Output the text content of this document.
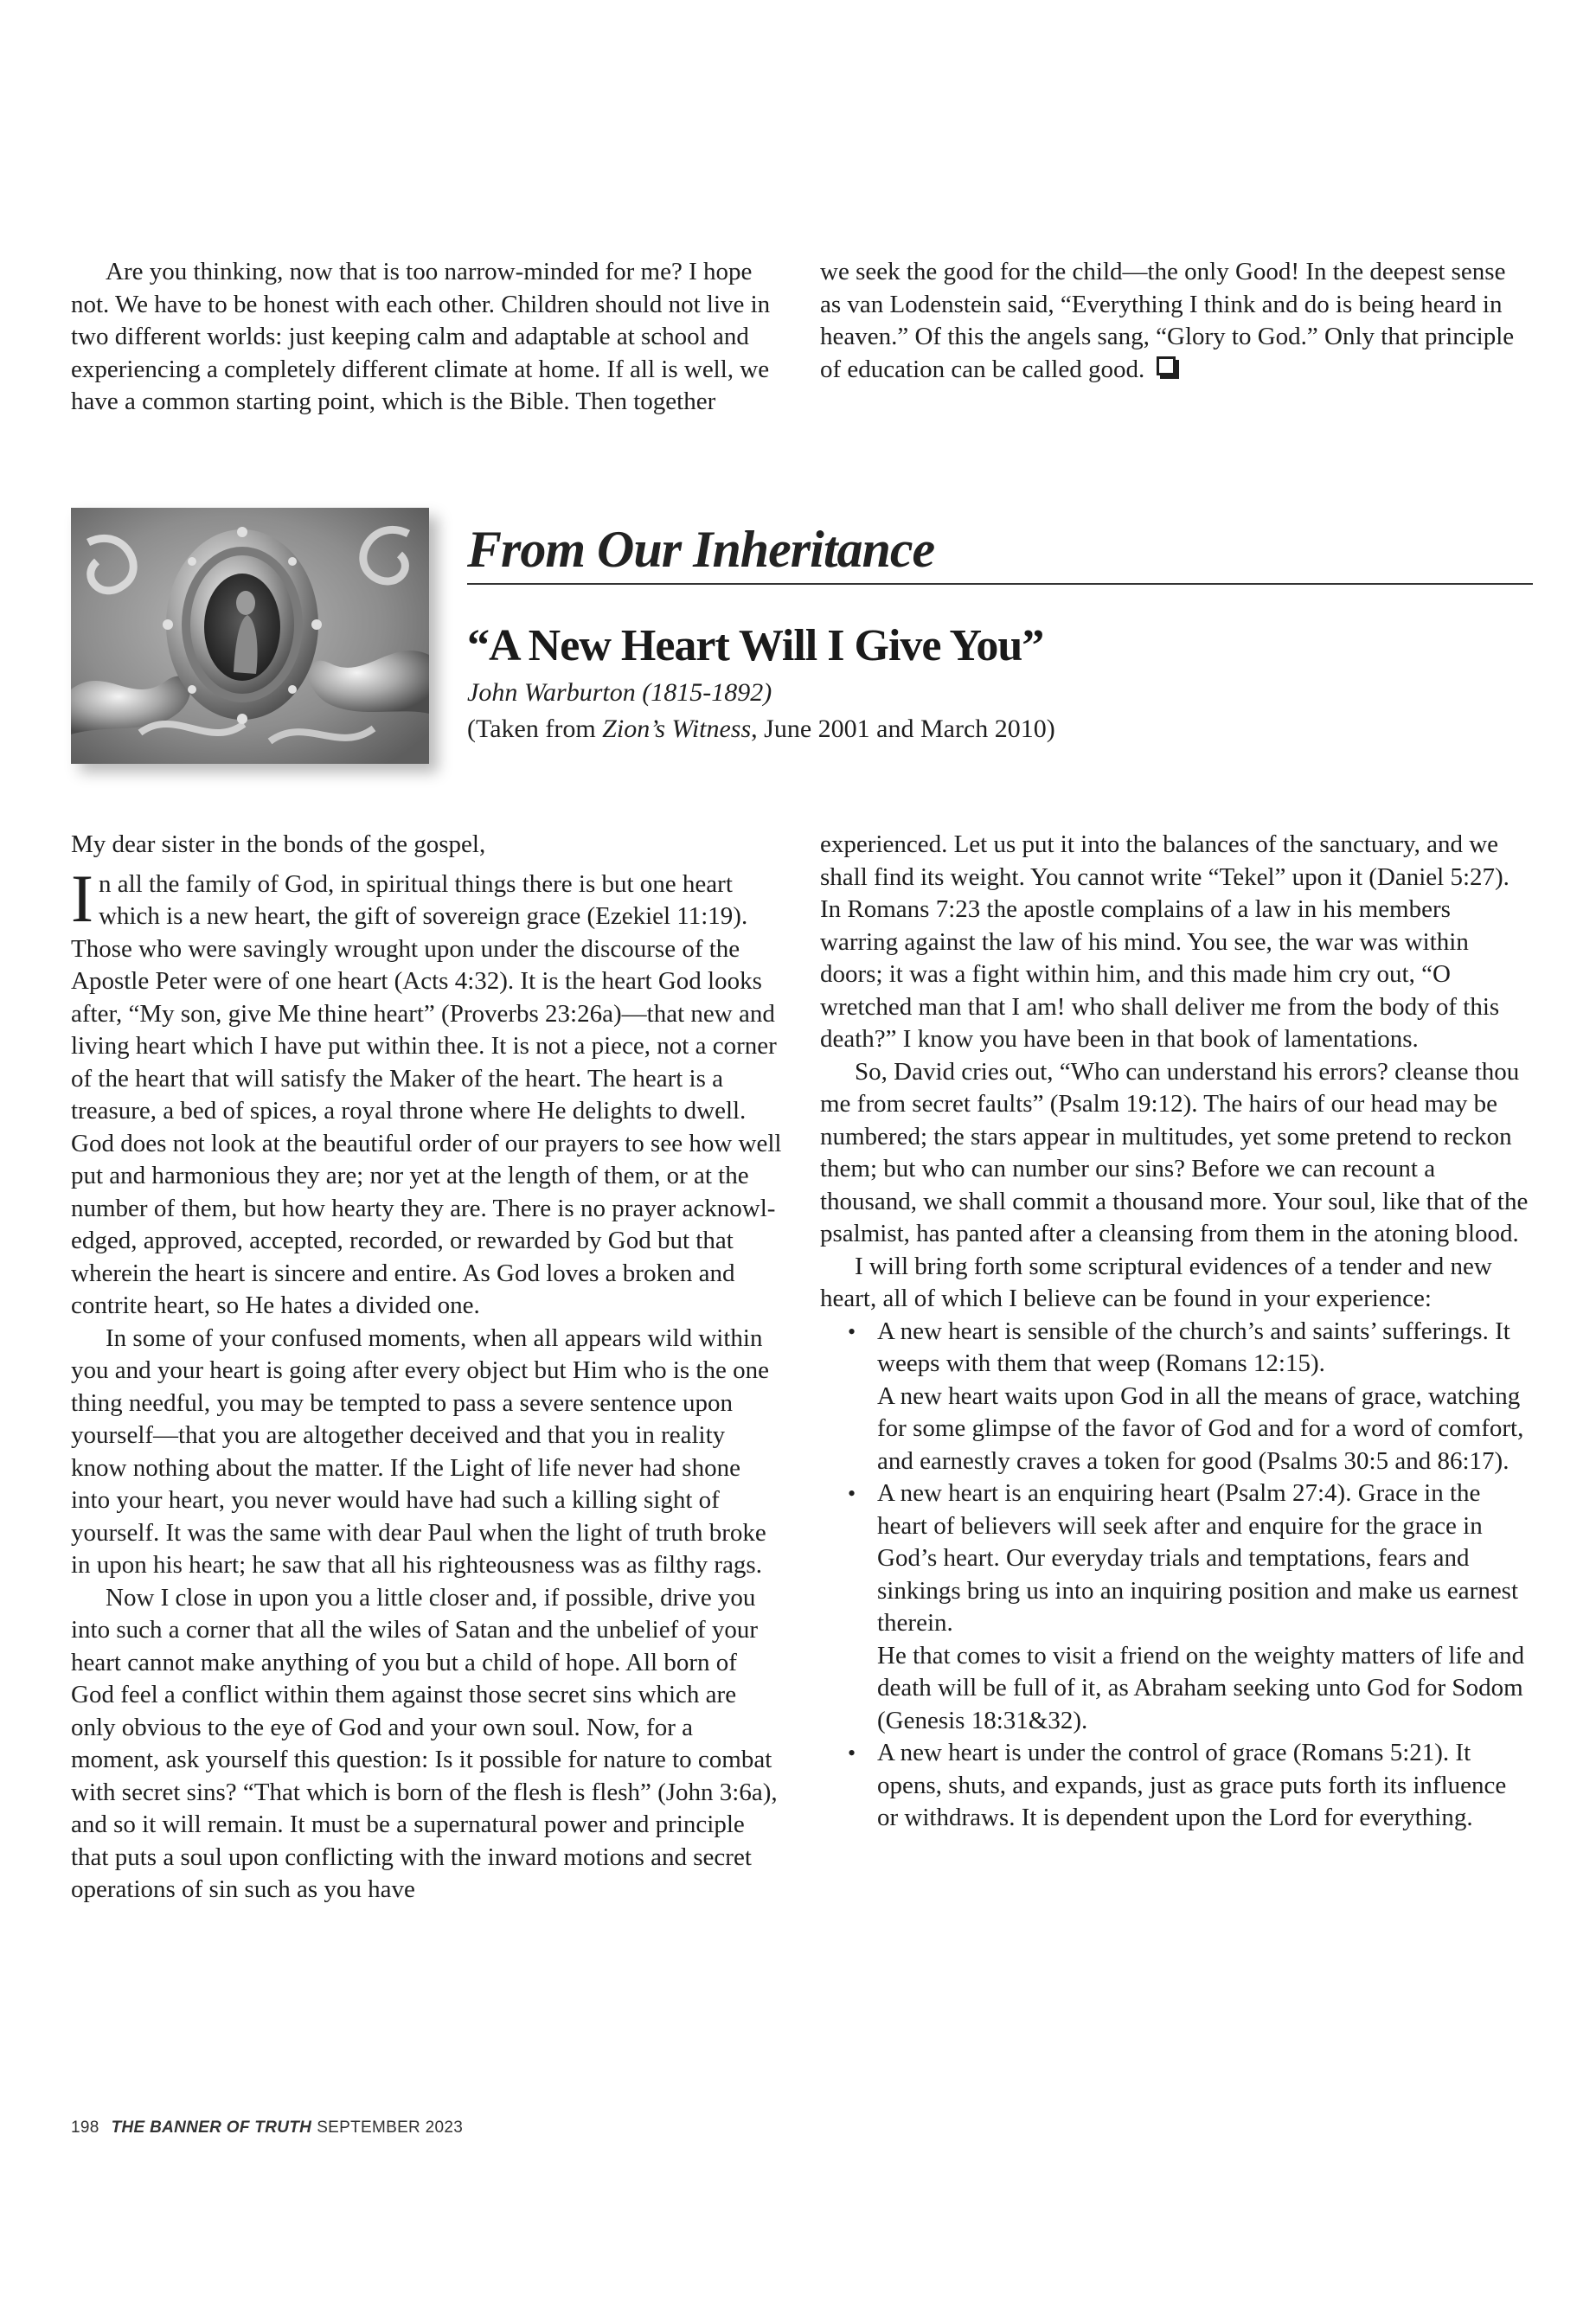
Are you thinking, now that is too narrow-minded for me? I hope not. We have to be honest with each other. Children should not live in two different worlds: just keeping calm and adaptable at school and experiencing a completely different climate at home. If all is well, we have a common starting point, which is the Bible. Then together

we seek the good for the child—the only Good! In the deepest sense as van Lodenstein said, “Everything I think and do is being heard in heaven.” Of this the angels sang, “Glory to God.” Only that principle of education can be called good.

From Our Inheritance
“A New Heart Will I Give You”

John Warburton (1815-1892)

(Taken from Zion’s Witness, June 2001 and March 2010)

My dear sister in the bonds of the gospel,

In all the family of God, in spiritual things there is but one heart which is a new heart, the gift of sovereign grace (Ezekiel 11:19). Those who were savingly wrought upon under the discourse of the Apostle Peter were of one heart (Acts 4:32). It is the heart God looks after, “My son, give Me thine heart” (Proverbs 23:26a)—that new and living heart which I have put within thee. It is not a piece, not a corner of the heart that will satisfy the Maker of the heart. The heart is a treasure, a bed of spices, a royal throne where He delights to dwell. God does not look at the beautiful order of our prayers to see how well put and harmonious they are; nor yet at the length of them, or at the number of them, but how hearty they are. There is no prayer acknowledged, approved, accepted, recorded, or rewarded by God but that wherein the heart is sincere and entire. As God loves a broken and contrite heart, so He hates a divided one.

In some of your confused moments, when all appears wild within you and your heart is going after every object but Him who is the one thing needful, you may be tempted to pass a severe sentence upon yourself—that you are altogether deceived and that you in reality know nothing about the matter. If the Light of life never had shone into your heart, you never would have had such a killing sight of yourself. It was the same with dear Paul when the light of truth broke in upon his heart; he saw that all his righteousness was as filthy rags.

Now I close in upon you a little closer and, if possible, drive you into such a corner that all the wiles of Satan and the unbelief of your heart cannot make anything of you but a child of hope. All born of God feel a conflict within them against those secret sins which are only obvious to the eye of God and your own soul. Now, for a moment, ask yourself this question: Is it possible for nature to combat with secret sins? “That which is born of the flesh is flesh” (John 3:6a), and so it will remain. It must be a supernatural power and principle that puts a soul upon conflicting with the inward motions and secret operations of sin such as you have

experienced. Let us put it into the balances of the sanctuary, and we shall find its weight. You cannot write “Tekel” upon it (Daniel 5:27). In Romans 7:23 the apostle complains of a law in his members warring against the law of his mind. You see, the war was within doors; it was a fight within him, and this made him cry out, “O wretched man that I am! who shall deliver me from the body of this death?” I know you have been in that book of lamentations.

So, David cries out, “Who can understand his errors? cleanse thou me from secret faults” (Psalm 19:12). The hairs of our head may be numbered; the stars appear in multitudes, yet some pretend to reckon them; but who can number our sins? Before we can recount a thousand, we shall commit a thousand more. Your soul, like that of the psalmist, has panted after a cleansing from them in the atoning blood.

I will bring forth some scriptural evidences of a tender and new heart, all of which I believe can be found in your experience:

• A new heart is sensible of the church’s and saints’ sufferings. It weeps with them that weep (Romans 12:15).
A new heart waits upon God in all the means of grace, watching for some glimpse of the favor of God and for a word of comfort, and earnestly craves a token for good (Psalms 30:5 and 86:17).
• A new heart is an enquiring heart (Psalm 27:4). Grace in the heart of believers will seek after and enquire for the grace in God’s heart. Our everyday trials and temptations, fears and sinkings bring us into an inquiring position and make us earnest therein.
He that comes to visit a friend on the weighty matters of life and death will be full of it, as Abraham seeking unto God for Sodom (Genesis 18:31&32).
• A new heart is under the control of grace (Romans 5:21). It opens, shuts, and expands, just as grace puts forth its influence or withdraws. It is dependent upon the Lord for everything.

198 THE BANNER OF TRUTH SEPTEMBER 2023
